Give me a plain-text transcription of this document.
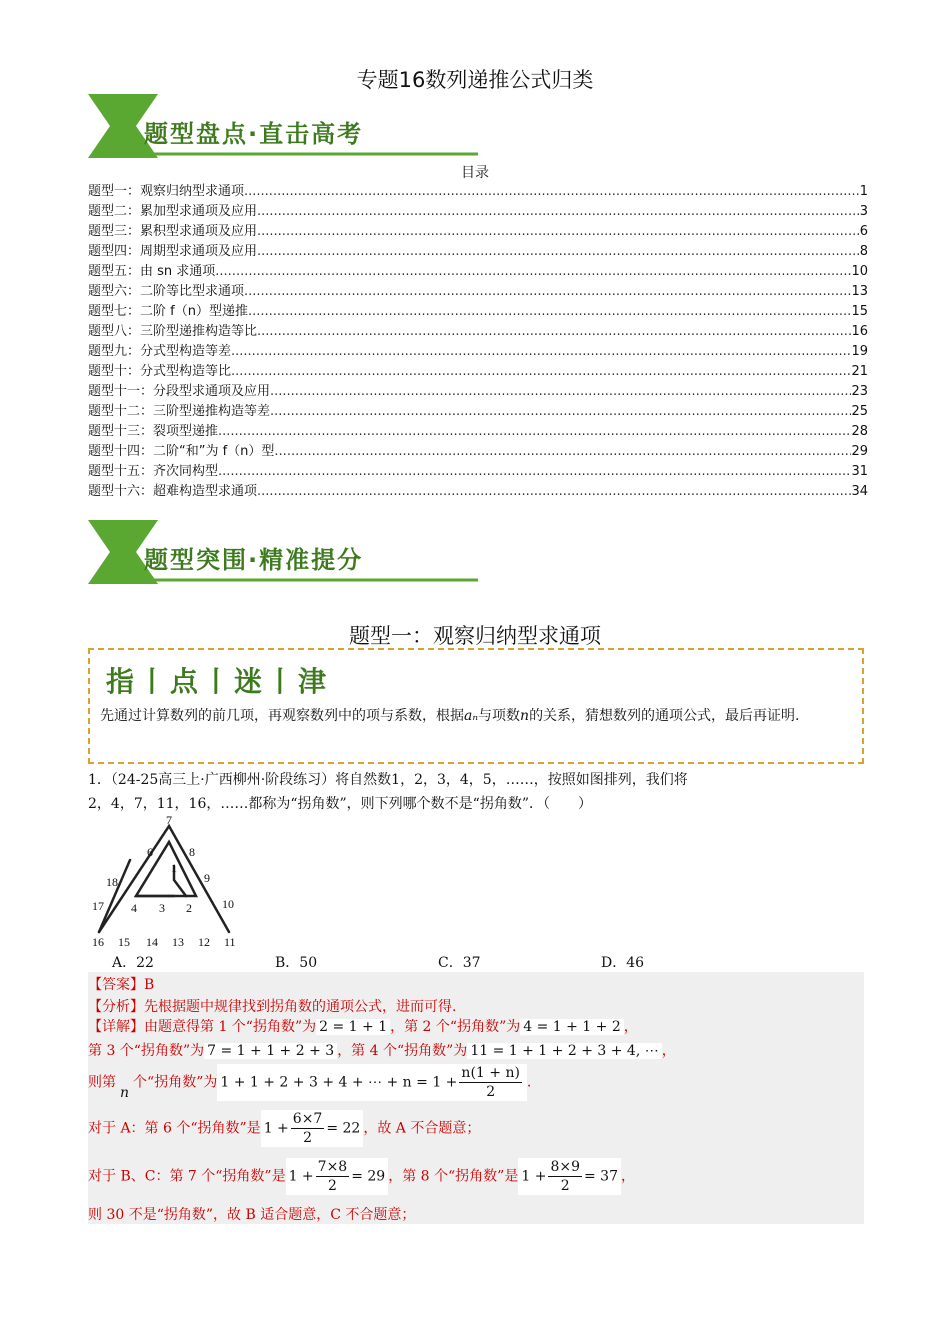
专题16数列递推公式归类
题型盘点·直击高考
目录
题型一：观察归纳型求通项 .....	1
题型二：累加型求通项及应用 .....	3
题型三：累积型求通项及应用 .....	6
题型四：周期型求通项及应用 .....	8
题型五：由 sn 求通项 .....	10
题型六：二阶等比型求通项 .....	13
题型七：二阶 f（n）型递推 .....	15
题型八：三阶型递推构造等比 .....	16
题型九：分式型构造等差 .....	19
题型十：分式型构造等比 .....	21
题型十一：分段型求通项及应用 .....	23
题型十二：三阶型递推构造等差 .....	25
题型十三：裂项型递推 .....	28
题型十四：二阶“和”为 f（n）型 .....	29
题型十五：齐次同构型 .....	31
题型十六：超难构造型求通项 .....	34
题型突围·精准提分
题型一：观察归纳型求通项
指丨点丨迷丨津
先通过计算数列的前几项，再观察数列中的项与系数，根据aₙ与项数n的关系，猜想数列的通项公式，最后再证明.
1．（24-25高三上·广西柳州·阶段练习）将自然数1，2，3，4，5，……，按照如图排列，我们将
2，4，7，11，16，……都称为“拐角数”，则下列哪个数不是“拐角数”．（　　）
7
6	8
1
18	9
17	10
4 3 2
16 15 14 13 12 11
A．22	B．50	C．37	D．46
【答案】B
【分析】先根据题中规律找到拐角数的通项公式，进而可得.
【详解】由题意得第 1 个“拐角数”为 2 = 1 + 1 ，第 2 个“拐角数”为 4 = 1 + 1 + 2 ，
第 3 个“拐角数”为 7 = 1 + 1 + 2 + 3 ，第 4 个“拐角数”为 11 = 1 + 1 + 2 + 3 + 4, ⋯ ，
则第n个“拐角数”为 1 + 1 + 2 + 3 + 4 + ⋯ + $n = 1 + \frac{n(1 + n)}{2}$ .
对于 A：第 6 个“拐角数”是 $1 + \frac{6\times 7}{2} = 22$ ，故 A 不合题意；
对于 B、C：第 7 个“拐角数”是 $1 + \frac{7\times 8}{2} = 29$ ，第 8 个“拐角数”是 $1 + \frac{8\times 9}{2} = 37$ ，
则 30 不是“拐角数”，故 B 适合题意，C 不合题意；
